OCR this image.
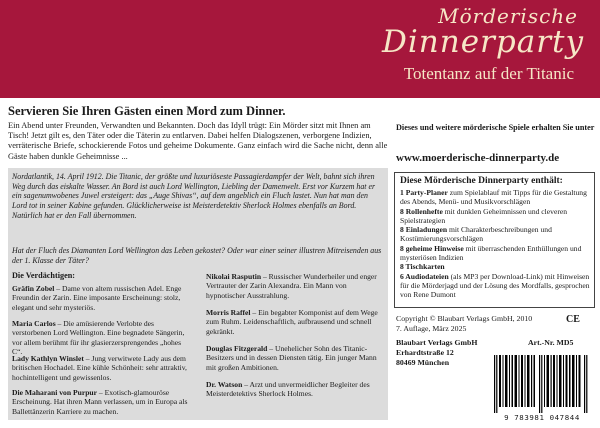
Mörderische
Dinnerparty
Totentanz auf der Titanic

Servieren Sie Ihren Gästen einen Mord zum Dinner.

Ein Abend unter Freunden, Verwandten und Bekannten. Doch das Idyll trügt: Ein Mörder sitzt mit Ihnen am Tisch! Jetzt gilt es, den Täter oder die Täterin zu entlarven. Dabei helfen Dialogszenen, verborgene Indizien, verräterische Briefe, schockierende Fotos und geheime Dokumente. Ganz einfach wird die Sache nicht, denn alle Gäste haben dunkle Geheimnisse ...

Nordatlantik, 14. April 1912. Die Titanic, der größte und luxuriöseste Passagierdampfer der Welt, bahnt sich ihren Weg durch das eiskalte Wasser. An Bord ist auch Lord Wellington, Liebling der Damenwelt. Erst vor Kurzem hat er ein sagenumwobenes Juwel ersteigert: das „Auge Shivas“, auf dem angeblich ein Fluch lastet. Nun hat man den Lord tot in seiner Kabine gefunden. Glücklicherweise ist Meisterdetektiv Sherlock Holmes ebenfalls an Bord. Natürlich hat er den Fall übernommen.
Hat der Fluch des Diamanten Lord Wellington das Leben gekostet? Oder war einer seiner illustren Mitreisenden aus der 1. Klasse der Täter?
Die Verdächtigen:
Gräfin Zobel – Dame von altem russischen Adel. Enge Freundin der Zarin. Eine imposante Erscheinung: stolz, elegant und sehr mysteriös.
Maria Carlos – Die amüsierende Verlobte des verstorbenen Lord Wellington. Eine begnadete Sängerin, vor allem berühmt für ihr glasierzersprengendes „hohes C“.
Lady Kathlyn Winslet – Jung verwitwete Lady aus dem britischen Hochadel. Eine kühle Schönheit: sehr attraktiv, hochintelligent und gewissenlos.
Die Maharani von Purpur – Exotisch-glamouröse Erscheinung. Hat ihren Mann verlassen, um in Europa als Ballettänzerin Karriere zu machen.
Nikolai Rasputin – Russischer Wunderheiler und enger Vertrauter der Zarin Alexandra. Ein Mann von hypnotischer Ausstrahlung.
Morris Raffel – Ein begabter Komponist auf dem Wege zum Ruhm. Leidenschaftlich, aufbrausend und schnell gekränkt.
Douglas Fitzgerald – Unehelicher Sohn des Titanic-Besitzers und in dessen Diensten tätig. Ein junger Mann mit großen Ambitionen.
Dr. Watson – Arzt und unvermeidlicher Begleiter des Meisterdetektivs Sherlock Holmes.
Dieses und weitere mörderische Spiele erhalten Sie unter
www.moerderische-dinnerparty.de
Diese Mörderische Dinnerparty enthält:
1 Party-Planer zum Spielablauf mit Tipps für die Gestaltung des Abends, Menü- und Musikvorschlägen
8 Rollenhefte mit dunklen Geheimnissen und cleveren Spielstrategien
8 Einladungen mit Charakterbeschreibungen und Kostümierungsvorschlägen
8 geheime Hinweise mit überraschenden Enthüllungen und mysteriösen Indizien
8 Tischkarten
6 Audiodateien (als MP3 per Download-Link) mit Hinweisen für die Mörderjagd und der Lösung des Mordfalls, gesprochen von Rene Dumont
Copyright © Blaubart Verlags GmbH, 2010
7. Auflage, März 2025
CE
Blaubart Verlags GmbH
Erhardtstraße 12
80469 München
Art.-Nr. MD5
9 783981 047844
